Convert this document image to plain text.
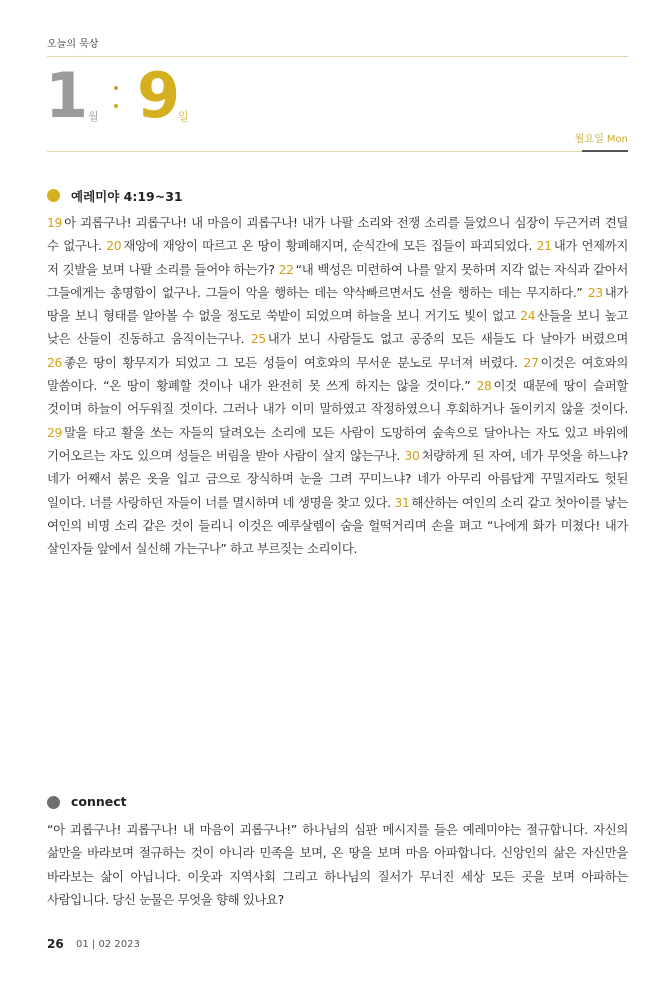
오늘의 묵상
1 월 9
일
월요일 Mon
예레미야 4:19~31
19 아 괴롭구나! 괴롭구나! 내 마음이 괴롭구나! 내가 나팔 소리와 전쟁 소리를 들었으니 심장이 두근거려 견딜 수 없구나. 20 재앙에 재앙이 따르고 온 땅이 황폐해지며, 순식간에 모든 집들이 파괴되었다. 21 내가 언제까지 저 깃발을 보며 나팔 소리를 들어야 하는가? 22 “내 백성은 미련하여 나를 알지 못하며 지각 없는 자식과 같아서 그들에게는 총명함이 없구나. 그들이 악을 행하는 데는 약삭빠르면서도 선을 행하는 데는 무지하다.” 23 내가 땅을 보니 형태를 알아볼 수 없을 정도로 쑥밭이 되었으며 하늘을 보니 거기도 빛이 없고 24 산들을 보니 높고 낮은 산들이 진동하고 움직이는구나. 25 내가 보니 사람들도 없고 공중의 모든 새들도 다 날아가 버렸으며 26 좋은 땅이 황무지가 되었고 그 모든 성들이 여호와의 무서운 분노로 무너져 버렸다. 27 이것은 여호와의 말씀이다. “온 땅이 황폐할 것이나 내가 완전히 못 쓰게 하지는 않을 것이다.” 28 이것 때문에 땅이 슬퍼할 것이며 하늘이 어두워질 것이다. 그러나 내가 이미 말하였고 작정하였으니 후회하거나 돌이키지 않을 것이다. 29 말을 타고 활을 쏘는 자들의 달려오는 소리에 모든 사람이 도망하여 숲속으로 달아나는 자도 있고 바위에 기어오르는 자도 있으며 성들은 버림을 받아 사람이 살지 않는구나. 30 처량하게 된 자여, 네가 무엇을 하느냐? 네가 어째서 붉은 옷을 입고 금으로 장식하며 눈을 그려 꾸미느냐? 네가 아무리 아름답게 꾸밀지라도 헛된 일이다. 너를 사랑하던 자들이 너를 멸시하며 네 생명을 찾고 있다. 31 해산하는 여인의 소리 같고 첫아이를 낳는 여인의 비명 소리 같은 것이 들리니 이것은 예루살렘이 숨을 헐떡거리며 손을 펴고 “나에게 화가 미쳤다! 내가 살인자들 앞에서 실신해 가는구나” 하고 부르짖는 소리이다.
connect
“아 괴롭구나! 괴롭구나! 내 마음이 괴롭구나!” 하나님의 심판 메시지를 들은 예레미야는 절규합니다. 자신의 삶만을 바라보며 절규하는 것이 아니라 민족을 보며, 온 땅을 보며 마음 아파합니다. 신앙인의 삶은 자신만을 바라보는 삶이 아닙니다. 이웃과 지역사회 그리고 하나님의 질서가 무너진 세상 모든 곳을 보며 아파하는 사람입니다. 당신 눈물은 무엇을 향해 있나요?
26 01 | 02 2023
